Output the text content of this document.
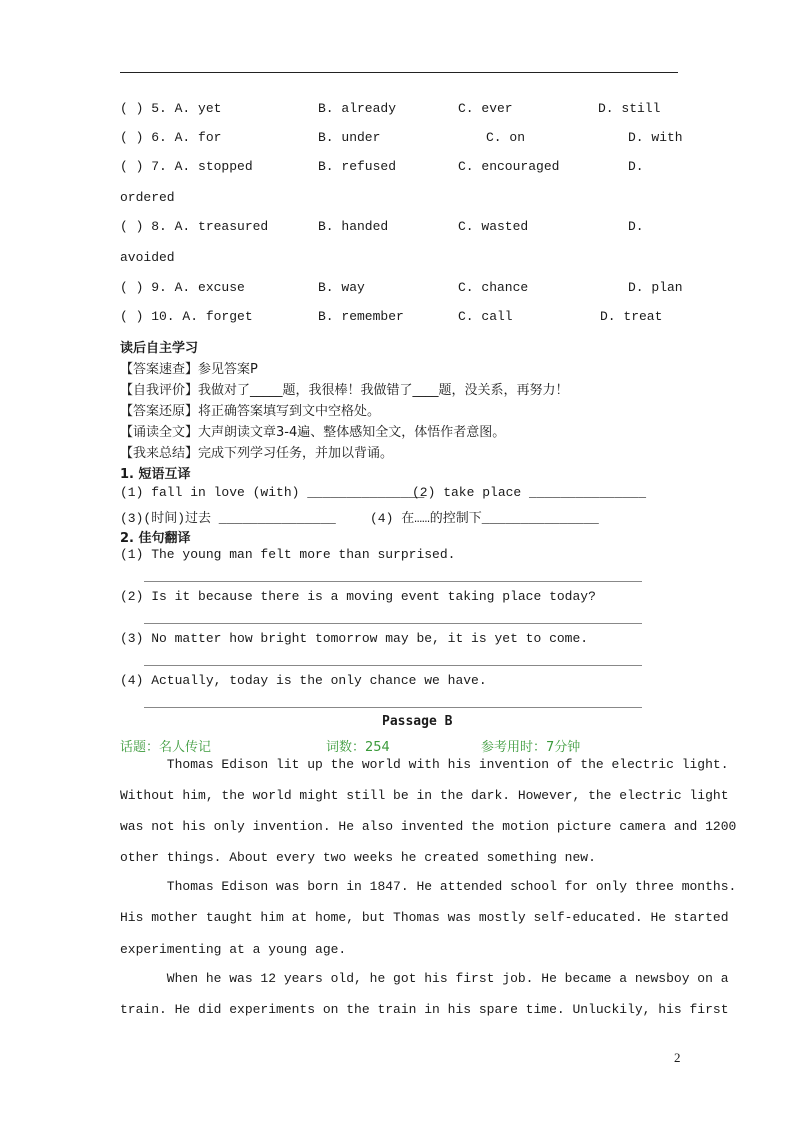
( ) 5. A. yet	B. already	C. ever	D. still
( ) 6. A. for	B. under	C. on	D. with
( ) 7. A. stopped	B. refused	C. encouraged	D.
ordered
( ) 8. A. treasured	B. handed	C. wasted	D.
avoided
( ) 9. A. excuse	B. way	C. chance	D. plan
( ) 10. A. forget	B. remember	C. call	D. treat
读后自主学习
【答案速查】参见答案P
【自我评价】我做对了_____题，我很棒！我做错了____题，没关系，再努力！
【答案还原】将正确答案填写到文中空格处。
【诵读全文】大声朗读文章3-4遍、整体感知全文，体悟作者意图。
【我来总结】完成下列学习任务，并加以背诵。
1. 短语互译
(1) fall in love (with) _______________
(2) take place _______________
(3)(时间)过去 _______________	(4) 在……的控制下_______________
2. 佳句翻译
(1) The young man felt more than surprised.
(2) Is it because there is a moving event taking place today?
(3) No matter how bright tomorrow may be, it is yet to come.
(4) Actually, today is the only chance we have.
Passage B
话题：名人传记	词数：254	参考用时：7分钟
Thomas Edison lit up the world with his invention of the electric light.
Without him, the world might still be in the dark. However, the electric light
was not his only invention. He also invented the motion picture camera and 1200
other things. About every two weeks he created something new.
Thomas Edison was born in 1847. He attended school for only three months.
His mother taught him at home, but Thomas was mostly self-educated. He started
experimenting at a young age.
When he was 12 years old, he got his first job. He became a newsboy on a
train. He did experiments on the train in his spare time. Unluckily, his first
2
